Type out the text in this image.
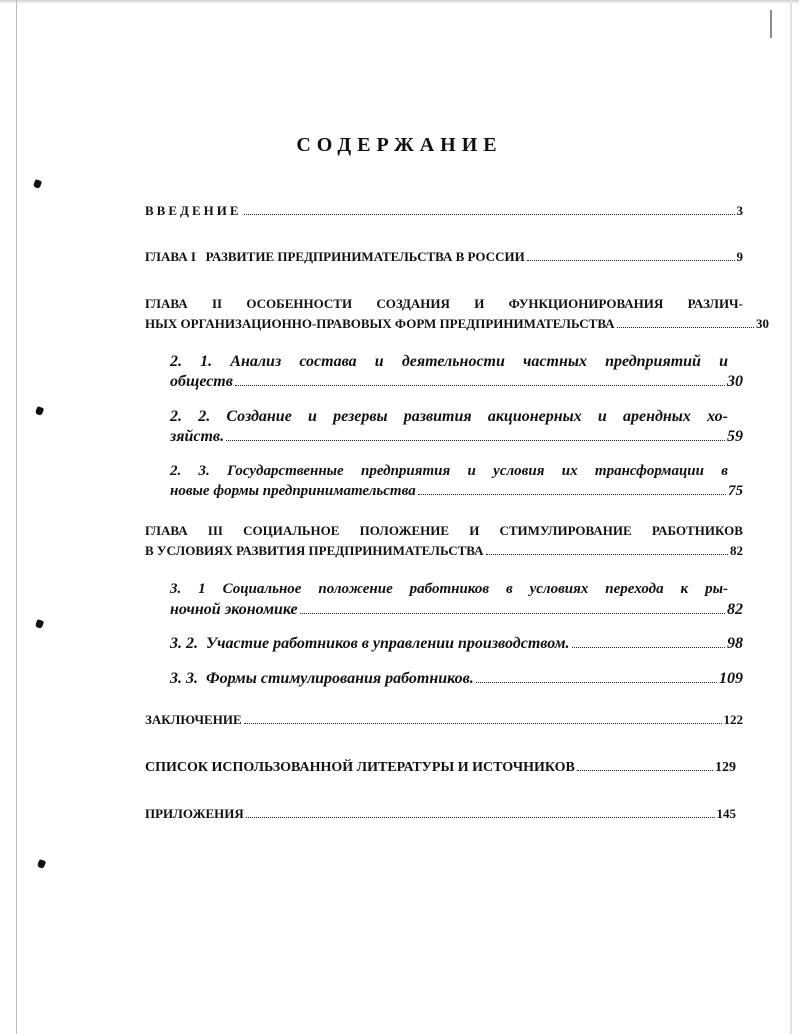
СОДЕРЖАНИЕ
ВВЕДЕНИЕ	3
ГЛАВА I   РАЗВИТИЕ ПРЕДПРИНИМАТЕЛЬСТВА В РОССИИ	9
ГЛАВА II ОСОБЕННОСТИ СОЗДАНИЯ И ФУНКЦИОНИРОВАНИЯ РАЗЛИЧ-
НЫХ ОРГАНИЗАЦИОННО-ПРАВОВЫХ ФОРМ ПРЕДПРИНИМАТЕЛЬСТВА	30
2. 1. Анализ состава и деятельности частных предприятий и
обществ	30
2. 2. Создание и резервы развития акционерных и арендных хо-
зяйств.	59
2. 3. Государственные предприятия и условия их трансформации в
новые формы предпринимательства	75
ГЛАВА III СОЦИАЛЬНОЕ ПОЛОЖЕНИЕ И СТИМУЛИРОВАНИЕ РАБОТНИКОВ
В УСЛОВИЯХ РАЗВИТИЯ ПРЕДПРИНИМАТЕЛЬСТВА	82
3. 1 Социальное положение работников в условиях перехода к ры-
ночной экономике	82
3. 2.  Участие работников в управлении производством.	98
3. 3.  Формы стимулирования работников.	109
ЗАКЛЮЧЕНИЕ	122
СПИСОК ИСПОЛЬЗОВАННОЙ ЛИТЕРАТУРЫ И ИСТОЧНИКОВ	129
ПРИЛОЖЕНИЯ	145
